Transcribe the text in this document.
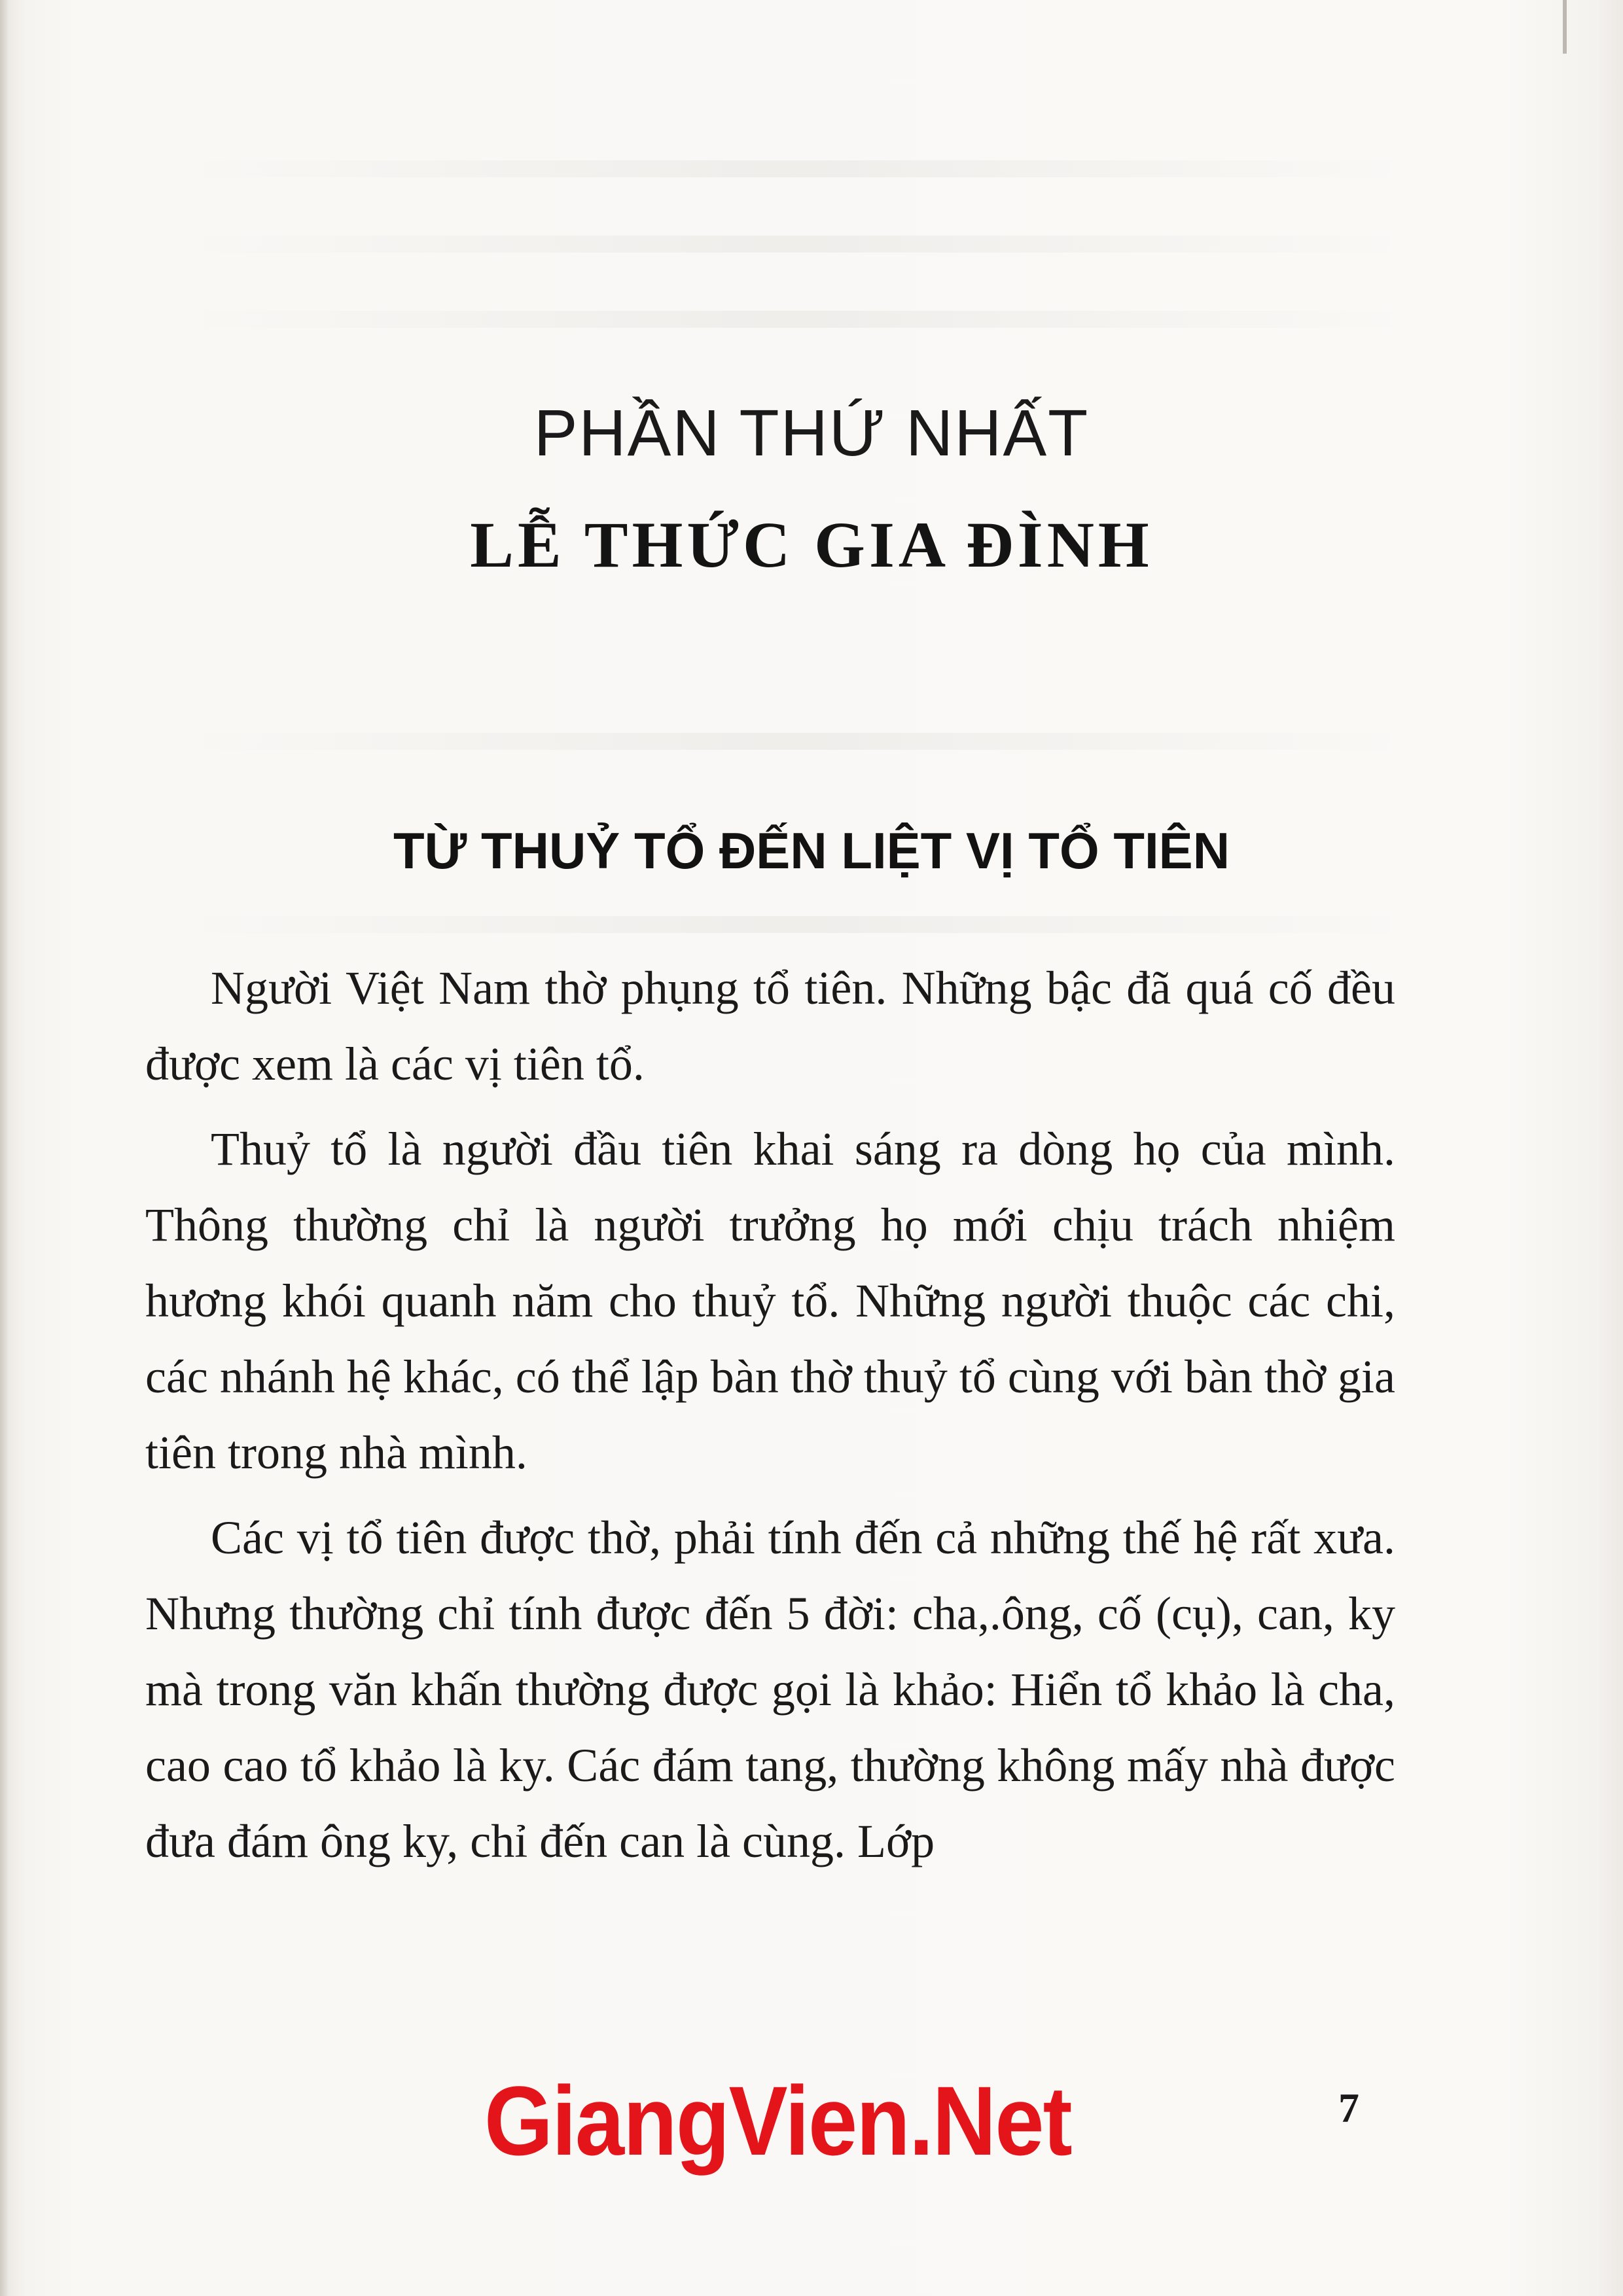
PHẦN THỨ NHẤT
LỄ THỨC GIA ĐÌNH
TỪ THUỶ TỔ ĐẾN LIỆT VỊ TỔ TIÊN

Người Việt Nam thờ phụng tổ tiên. Những bậc đã quá cố đều được xem là các vị tiên tổ.

Thuỷ tổ là người đầu tiên khai sáng ra dòng họ của mình. Thông thường chỉ là người trưởng họ mới chịu trách nhiệm hương khói quanh năm cho thuỷ tổ. Những người thuộc các chi, các nhánh hệ khác, có thể lập bàn thờ thuỷ tổ cùng với bàn thờ gia tiên trong nhà mình.

Các vị tổ tiên được thờ, phải tính đến cả những thế hệ rất xưa. Nhưng thường chỉ tính được đến 5 đời: cha,.ông, cố (cụ), can, ky mà trong văn khấn thường được gọi là khảo: Hiển tổ khảo là cha, cao cao tổ khảo là ky. Các đám tang, thường không mấy nhà được đưa đám ông ky, chỉ đến can là cùng. Lớp

GiangVien.Net	7
